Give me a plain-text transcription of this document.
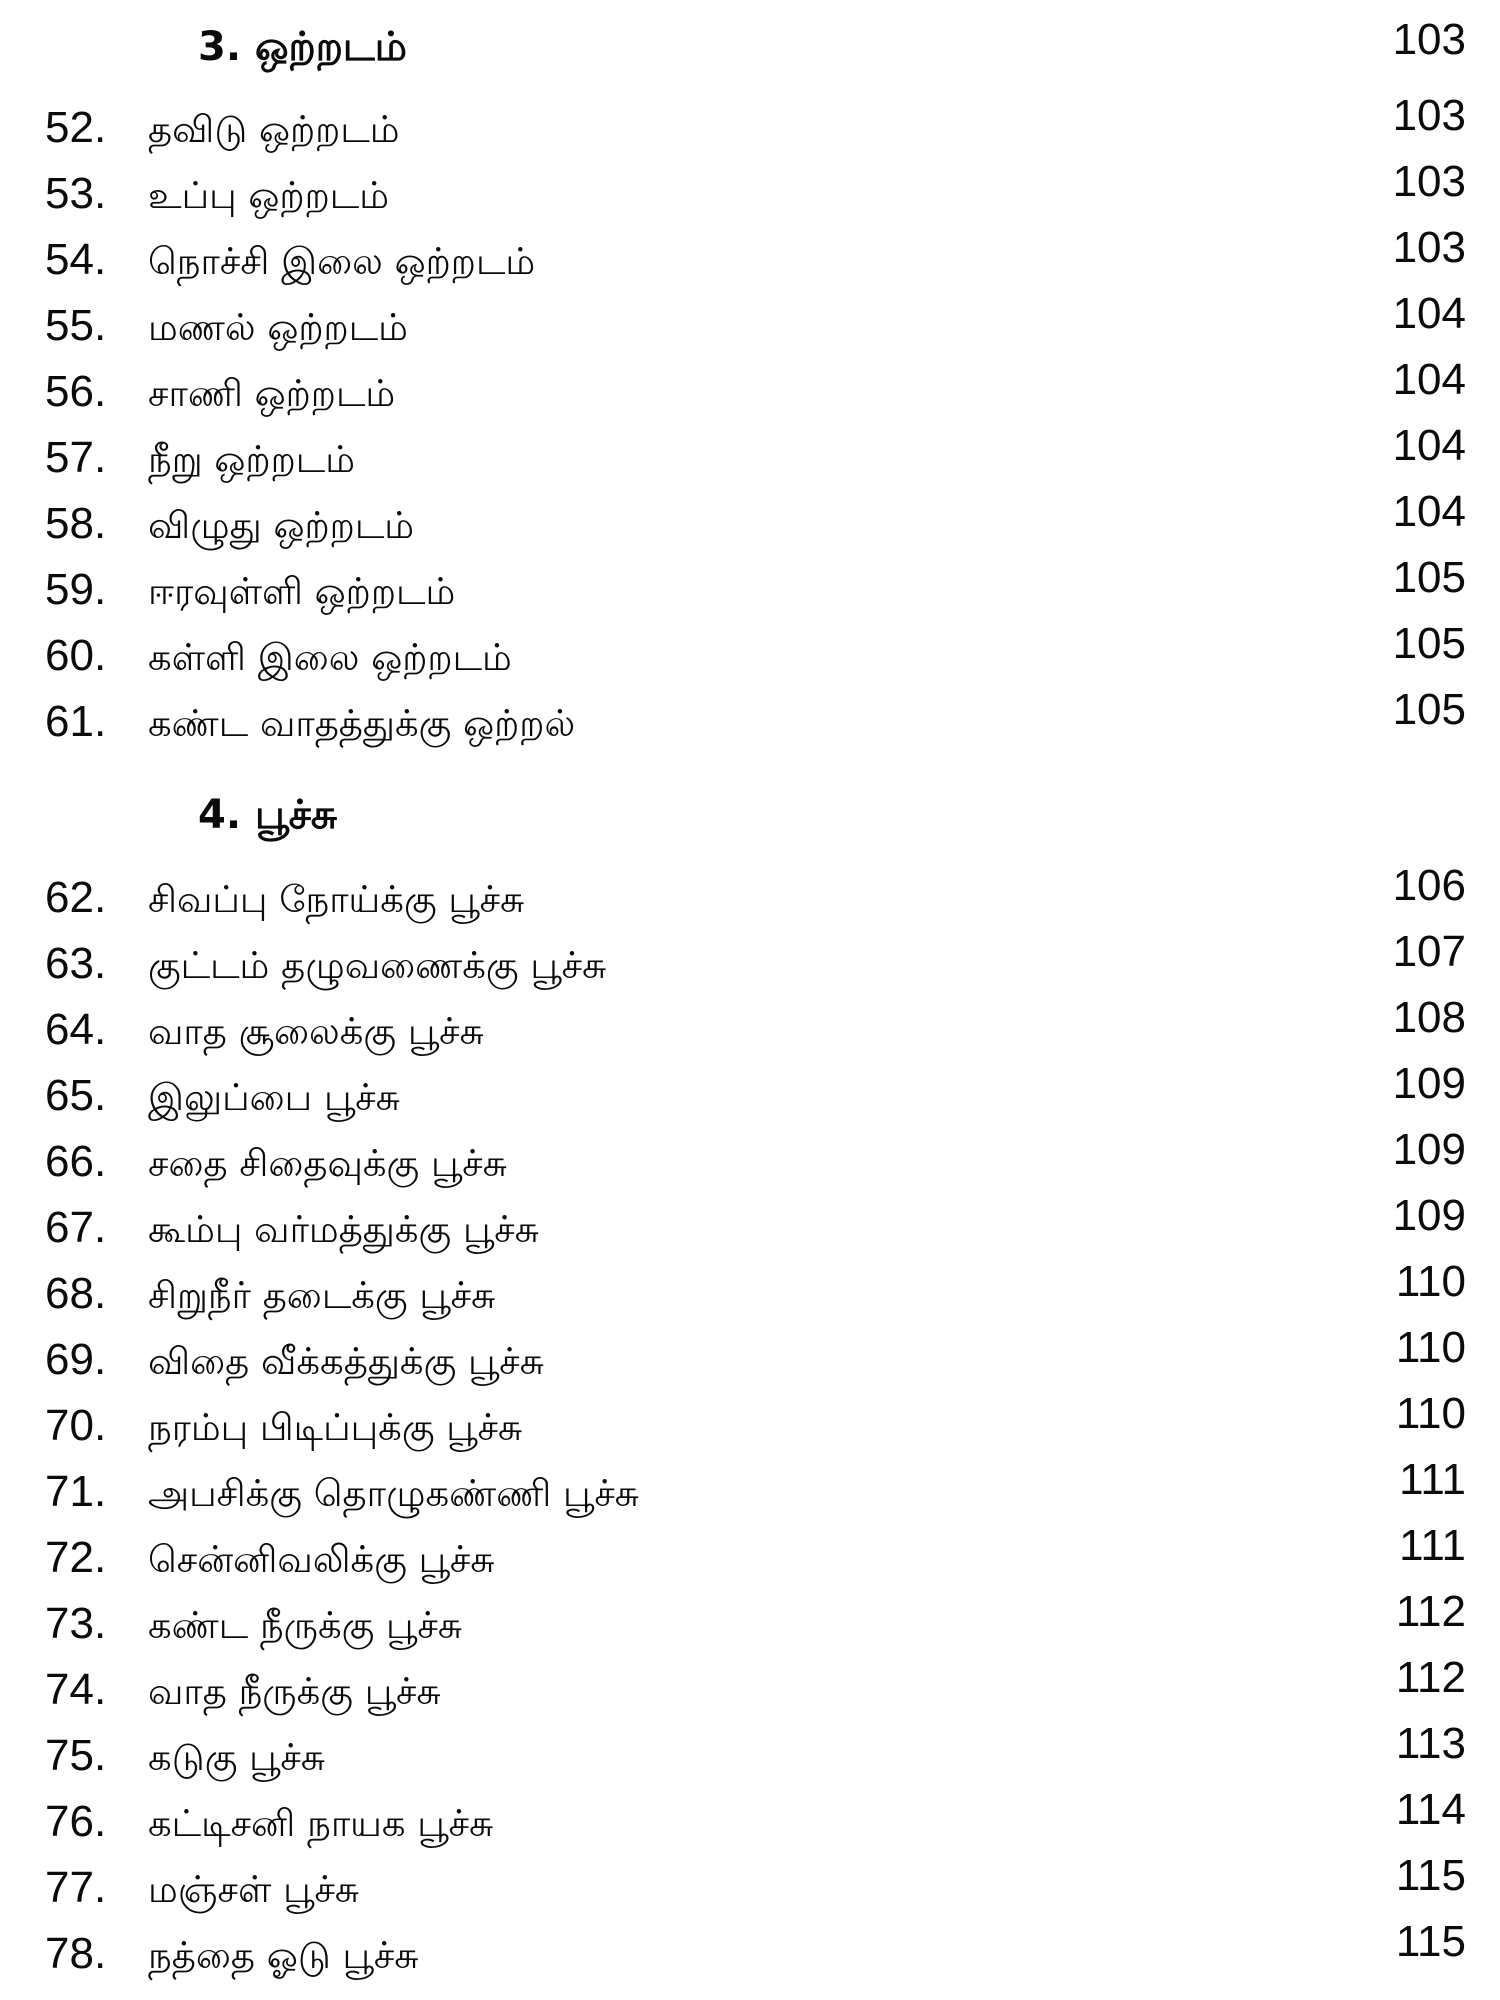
3. ஒற்றடம்	103
52. தவிடு ஒற்றடம்	103
53. உப்பு ஒற்றடம்	103
54. நொச்சி இலை ஒற்றடம்	103
55. மணல் ஒற்றடம்	104
56. சாணி ஒற்றடம்	104
57. நீறு ஒற்றடம்	104
58. விழுது ஒற்றடம்	104
59. ஈரவுள்ளி ஒற்றடம்	105
60. கள்ளி இலை ஒற்றடம்	105
61. கண்ட வாதத்துக்கு ஒற்றல்	105
4. பூச்சு
62. சிவப்பு நோய்க்கு பூச்சு	106
63. குட்டம் தழுவணைக்கு பூச்சு	107
64. வாத சூலைக்கு பூச்சு	108
65. இலுப்பை பூச்சு	109
66. சதை சிதைவுக்கு பூச்சு	109
67. கூம்பு வர்மத்துக்கு பூச்சு	109
68. சிறுநீர் தடைக்கு பூச்சு	110
69. விதை வீக்கத்துக்கு பூச்சு	110
70. நரம்பு பிடிப்புக்கு பூச்சு	110
71. அபசிக்கு தொழுகண்ணி பூச்சு	111
72. சென்னிவலிக்கு பூச்சு	111
73. கண்ட நீருக்கு பூச்சு	112
74. வாத நீருக்கு பூச்சு	112
75. கடுகு பூச்சு	113
76. கட்டிசனி நாயக பூச்சு	114
77. மஞ்சள் பூச்சு	115
78. நத்தை ஓடு பூச்சு	115
